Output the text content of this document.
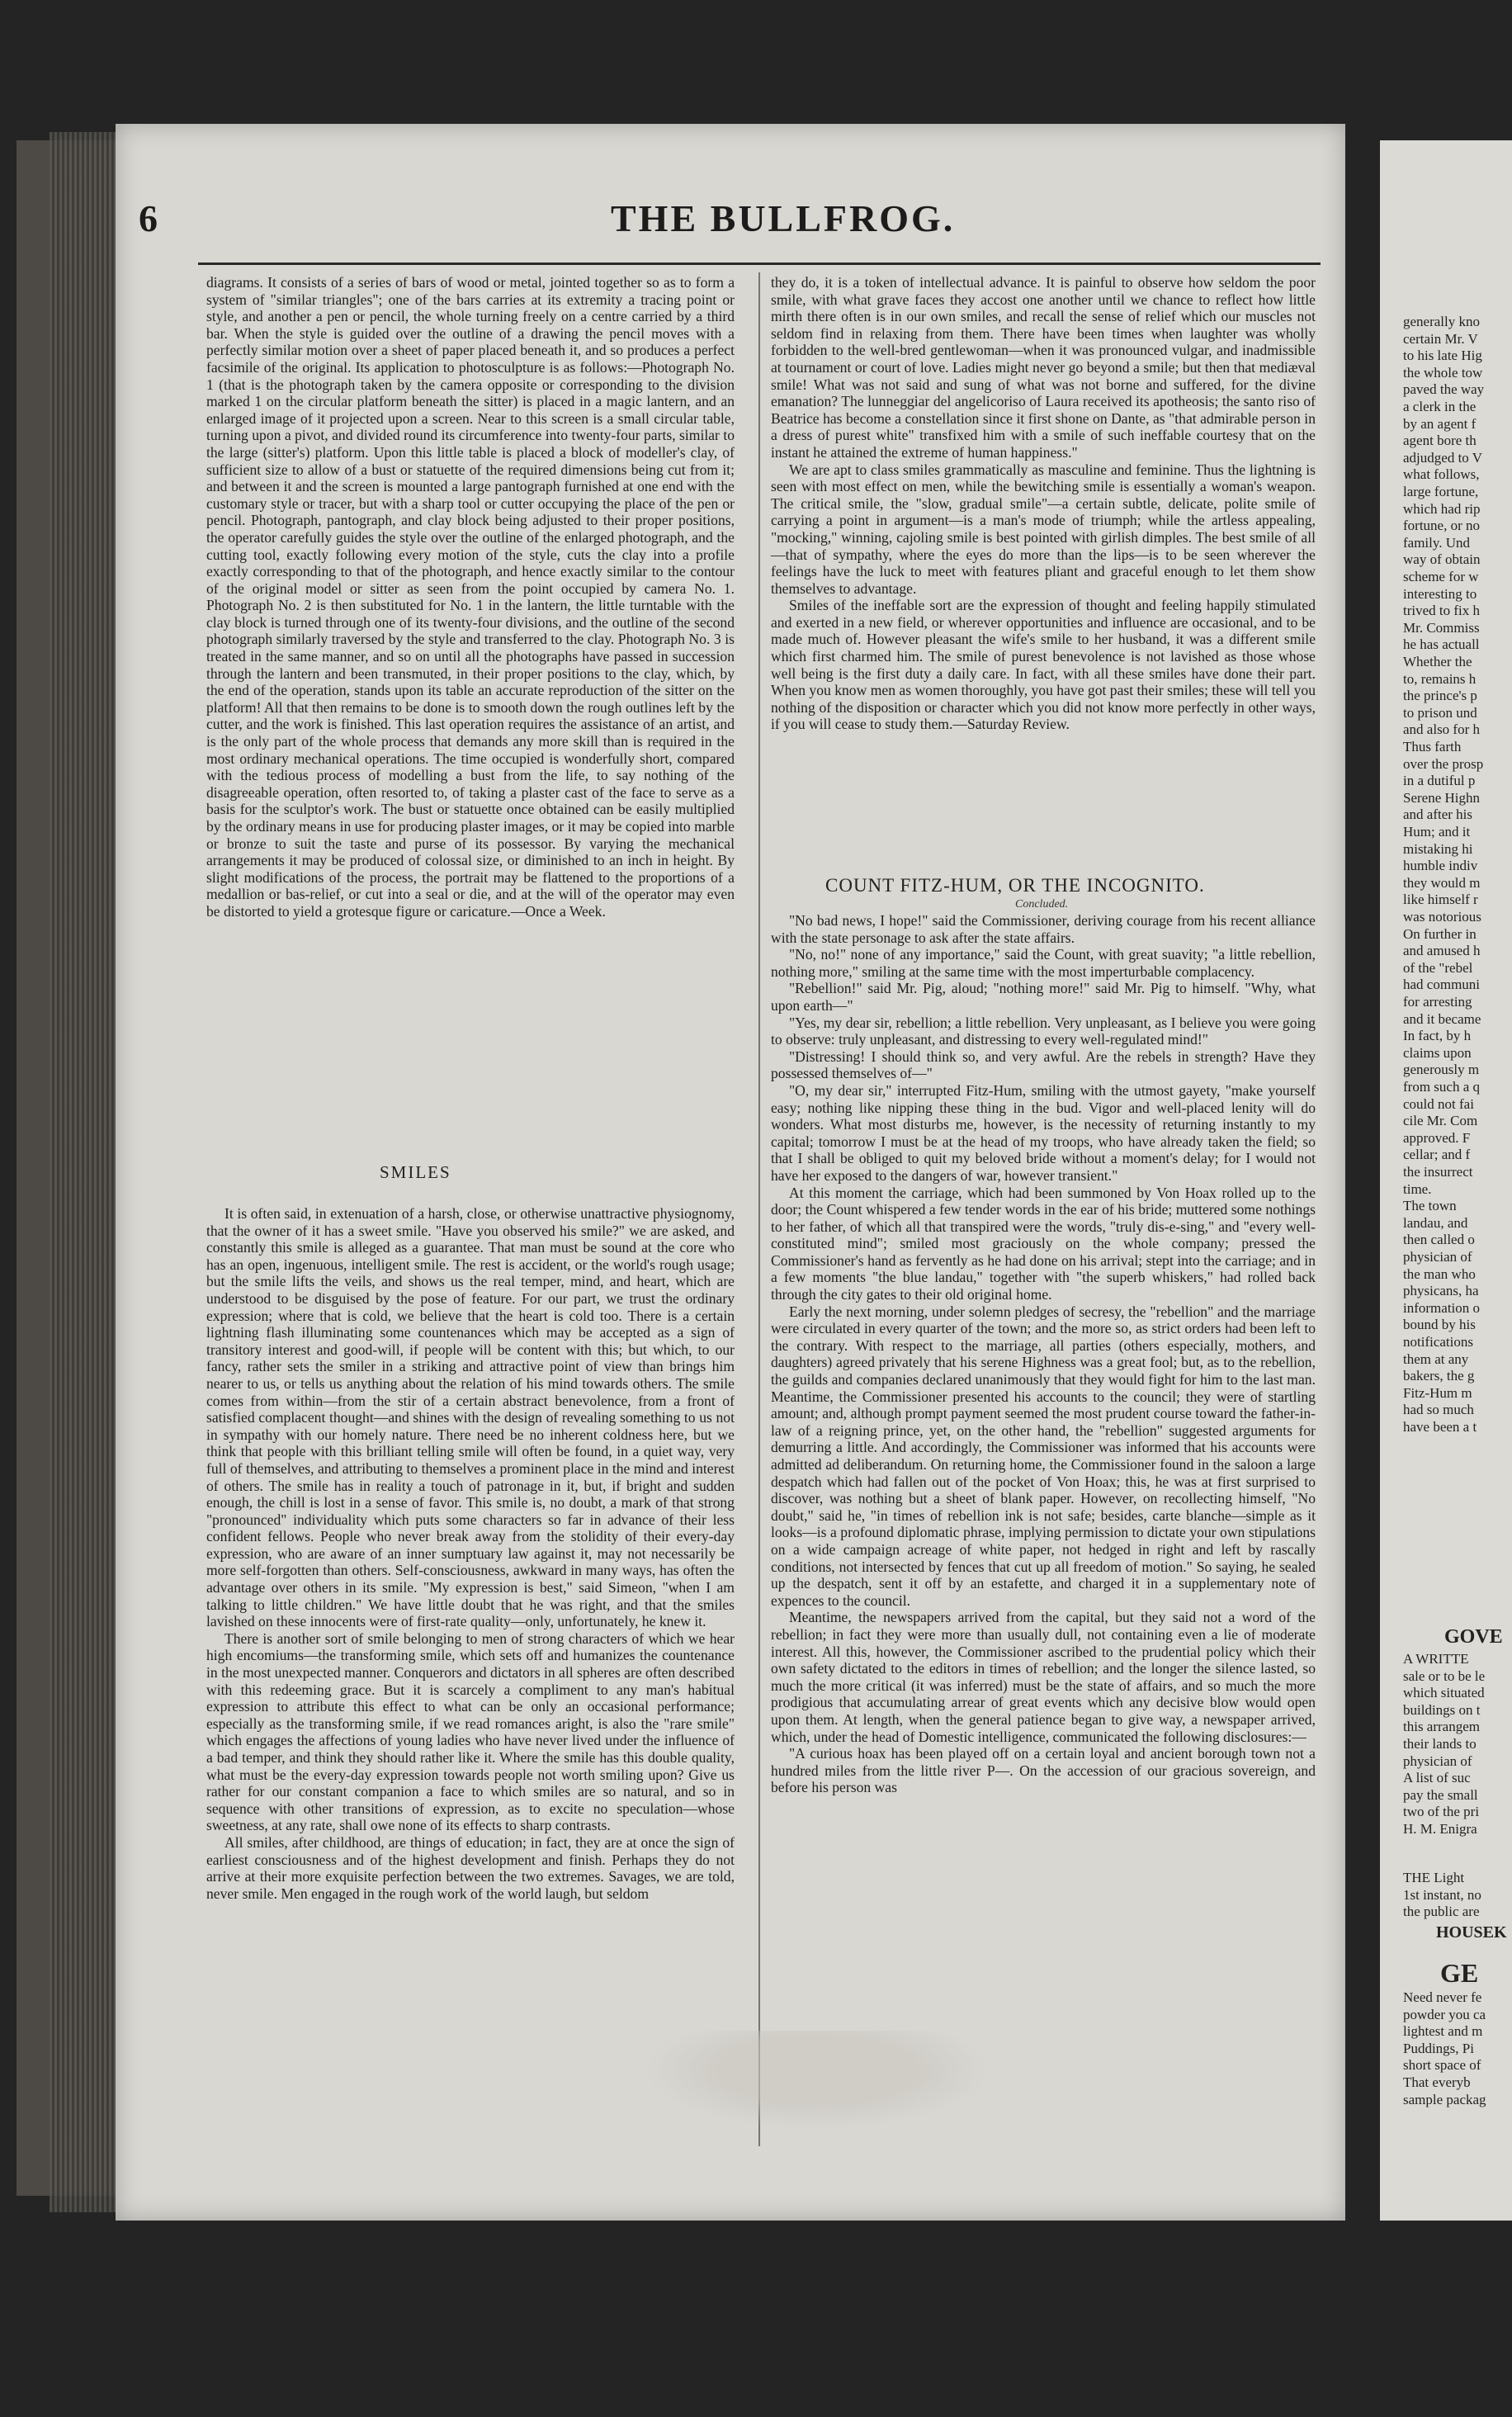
6	THE BULLFROG.

diagrams. It consists of a series of bars of wood or metal, jointed together so as to form a system of "similar triangles"; one of the bars carries at its extremity a tracing point or style, and another a pen or pencil, the whole turning freely on a centre carried by a third bar. When the style is guided over the outline of a drawing the pencil moves with a perfectly similar motion over a sheet of paper placed beneath it, and so produces a perfect facsimile of the original. Its application to photosculpture is as follows:—Photograph No. 1 (that is the photograph taken by the camera opposite or corresponding to the division marked 1 on the circular platform beneath the sitter) is placed in a magic lantern, and an enlarged image of it projected upon a screen. Near to this screen is a small circular table, turning upon a pivot, and divided round its circumference into twenty-four parts, similar to the large (sitter's) platform. Upon this little table is placed a block of modeller's clay, of sufficient size to allow of a bust or statuette of the required dimensions being cut from it; and between it and the screen is mounted a large pantograph furnished at one end with the customary style or tracer, but with a sharp tool or cutter occupying the place of the pen or pencil. Photograph, pantograph, and clay block being adjusted to their proper positions, the operator carefully guides the style over the outline of the enlarged photograph, and the cutting tool, exactly following every motion of the style, cuts the clay into a profile exactly corresponding to that of the photograph, and hence exactly similar to the contour of the original model or sitter as seen from the point occupied by camera No. 1. Photograph No. 2 is then substituted for No. 1 in the lantern, the little turntable with the clay block is turned through one of its twenty-four divisions, and the outline of the second photograph similarly traversed by the style and transferred to the clay. Photograph No. 3 is treated in the same manner, and so on until all the photographs have passed in succession through the lantern and been transmuted, in their proper positions to the clay, which, by the end of the operation, stands upon its table an accurate reproduction of the sitter on the platform! All that then remains to be done is to smooth down the rough outlines left by the cutter, and the work is finished. This last operation requires the assistance of an artist, and is the only part of the whole process that demands any more skill than is required in the most ordinary mechanical operations. The time occupied is wonderfully short, compared with the tedious process of modelling a bust from the life, to say nothing of the disagreeable operation, often resorted to, of taking a plaster cast of the face to serve as a basis for the sculptor's work. The bust or statuette once obtained can be easily multiplied by the ordinary means in use for producing plaster images, or it may be copied into marble or bronze to suit the taste and purse of its possessor. By varying the mechanical arrangements it may be produced of colossal size, or diminished to an inch in height. By slight modifications of the process, the portrait may be flattened to the proportions of a medallion or bas-relief, or cut into a seal or die, and at the will of the operator may even be distorted to yield a grotesque figure or caricature.—Once a Week.

SMILES

It is often said, in extenuation of a harsh, close, or otherwise unattractive physiognomy, that the owner of it has a sweet smile. "Have you observed his smile?" we are asked, and constantly this smile is alleged as a guarantee. That man must be sound at the core who has an open, ingenuous, intelligent smile. The rest is accident, or the world's rough usage; but the smile lifts the veils, and shows us the real temper, mind, and heart, which are understood to be disguised by the pose of feature. For our part, we trust the ordinary expression; where that is cold, we believe that the heart is cold too. There is a certain lightning flash illuminating some countenances which may be accepted as a sign of transitory interest and good-will, if people will be content with this; but which, to our fancy, rather sets the smiler in a striking and attractive point of view than brings him nearer to us, or tells us anything about the relation of his mind towards others. The smile comes from within—from the stir of a certain abstract benevolence, from a front of satisfied complacent thought—and shines with the design of revealing something to us not in sympathy with our homely nature. There need be no inherent coldness here, but we think that people with this brilliant telling smile will often be found, in a quiet way, very full of themselves, and attributing to themselves a prominent place in the mind and interest of others. The smile has in reality a touch of patronage in it, but, if bright and sudden enough, the chill is lost in a sense of favor. This smile is, no doubt, a mark of that strong "pronounced" individuality which puts some characters so far in advance of their less confident fellows. People who never break away from the stolidity of their every-day expression, who are aware of an inner sumptuary law against it, may not necessarily be more self-forgotten than others. Self-consciousness, awkward in many ways, has often the advantage over others in its smile. "My expression is best," said Simeon, "when I am talking to little children." We have little doubt that he was right, and that the smiles lavished on these innocents were of first-rate quality—only, unfortunately, he knew it.

There is another sort of smile belonging to men of strong characters of which we hear high encomiums—the transforming smile, which sets off and humanizes the countenance in the most unexpected manner. Conquerors and dictators in all spheres are often described with this redeeming grace. But it is scarcely a compliment to any man's habitual expression to attribute this effect to what can be only an occasional performance; especially as the transforming smile, if we read romances aright, is also the "rare smile" which engages the affections of young ladies who have never lived under the influence of a bad temper, and think they should rather like it. Where the smile has this double quality, what must be the every-day expression towards people not worth smiling upon? Give us rather for our constant companion a face to which smiles are so natural, and so in sequence with other transitions of expression, as to excite no speculation—whose sweetness, at any rate, shall owe none of its effects to sharp contrasts.

All smiles, after childhood, are things of education; in fact, they are at once the sign of earliest consciousness and of the highest development and finish. Perhaps they do not arrive at their more exquisite perfection between the two extremes. Savages, we are told, never smile. Men engaged in the rough work of the world laugh, but seldom

they do, it is a token of intellectual advance. It is painful to observe how seldom the poor smile, with what grave faces they accost one another until we chance to reflect how little mirth there often is in our own smiles, and recall the sense of relief which our muscles not seldom find in relaxing from them. There have been times when laughter was wholly forbidden to the well-bred gentlewoman—when it was pronounced vulgar, and inadmissible at tournament or court of love. Ladies might never go beyond a smile; but then that mediæval smile! What was not said and sung of what was not borne and suffered, for the divine emanation? The lunneggiar del angelicoriso of Laura received its apotheosis; the santo riso of Beatrice has become a constellation since it first shone on Dante, as "that admirable person in a dress of purest white" transfixed him with a smile of such ineffable courtesy that on the instant he attained the extreme of human happiness."

We are apt to class smiles grammatically as masculine and feminine. Thus the lightning is seen with most effect on men, while the bewitching smile is essentially a woman's weapon. The critical smile, the "slow, gradual smile"—a certain subtle, delicate, polite smile of carrying a point in argument—is a man's mode of triumph; while the artless appealing, "mocking," winning, cajoling smile is best pointed with girlish dimples. The best smile of all—that of sympathy, where the eyes do more than the lips—is to be seen wherever the feelings have the luck to meet with features pliant and graceful enough to let them show themselves to advantage.

Smiles of the ineffable sort are the expression of thought and feeling happily stimulated and exerted in a new field, or wherever opportunities and influence are occasional, and to be made much of. However pleasant the wife's smile to her husband, it was a different smile which first charmed him. The smile of purest benevolence is not lavished as those whose well being is the first duty a daily care. In fact, with all these smiles have done their part. When you know men as women thoroughly, you have got past their smiles; these will tell you nothing of the disposition or character which you did not know more perfectly in other ways, if you will cease to study them.—Saturday Review.

COUNT FITZ-HUM, OR THE INCOGNITO.
Concluded.

"No bad news, I hope!" said the Commissioner, deriving courage from his recent alliance with the state personage to ask after the state affairs.

"No, no!" none of any importance," said the Count, with great suavity; "a little rebellion, nothing more," smiling at the same time with the most imperturbable complacency.

"Rebellion!" said Mr. Pig, aloud; "nothing more!" said Mr. Pig to himself. "Why, what upon earth—"

"Yes, my dear sir, rebellion; a little rebellion. Very unpleasant, as I believe you were going to observe: truly unpleasant, and distressing to every well-regulated mind!"

"Distressing! I should think so, and very awful. Are the rebels in strength? Have they possessed themselves of—"

"O, my dear sir," interrupted Fitz-Hum, smiling with the utmost gayety, "make yourself easy; nothing like nipping these thing in the bud. Vigor and well-placed lenity will do wonders. What most disturbs me, however, is the necessity of returning instantly to my capital; tomorrow I must be at the head of my troops, who have already taken the field; so that I shall be obliged to quit my beloved bride without a moment's delay; for I would not have her exposed to the dangers of war, however transient."

At this moment the carriage, which had been summoned by Von Hoax rolled up to the door; the Count whispered a few tender words in the ear of his bride; muttered some nothings to her father, of which all that transpired were the words, "truly dis-e-sing," and "every well-constituted mind"; smiled most graciously on the whole company; pressed the Commissioner's hand as fervently as he had done on his arrival; stept into the carriage; and in a few moments "the blue landau," together with "the superb whiskers," had rolled back through the city gates to their old original home.

Early the next morning, under solemn pledges of secresy, the "rebellion" and the marriage were circulated in every quarter of the town; and the more so, as strict orders had been left to the contrary. With respect to the marriage, all parties (others especially, mothers, and daughters) agreed privately that his serene Highness was a great fool; but, as to the rebellion, the guilds and companies declared unanimously that they would fight for him to the last man. Meantime, the Commissioner presented his accounts to the council; they were of startling amount; and, although prompt payment seemed the most prudent course toward the father-in-law of a reigning prince, yet, on the other hand, the "rebellion" suggested arguments for demurring a little. And accordingly, the Commissioner was informed that his accounts were admitted ad deliberandum. On returning home, the Commissioner found in the saloon a large despatch which had fallen out of the pocket of Von Hoax; this, he was at first surprised to discover, was nothing but a sheet of blank paper. However, on recollecting himself, "No doubt," said he, "in times of rebellion ink is not safe; besides, carte blanche—simple as it looks—is a profound diplomatic phrase, implying permission to dictate your own stipulations on a wide campaign acreage of white paper, not hedged in right and left by rascally conditions, not intersected by fences that cut up all freedom of motion." So saying, he sealed up the despatch, sent it off by an estafette, and charged it in a supplementary note of expences to the council.

Meantime, the newspapers arrived from the capital, but they said not a word of the rebellion; in fact they were more than usually dull, not containing even a lie of moderate interest. All this, however, the Commissioner ascribed to the prudential policy which their own safety dictated to the editors in times of rebellion; and the longer the silence lasted, so much the more critical (it was inferred) must be the state of affairs, and so much the more prodigious that accumulating arrear of great events which any decisive blow would open upon them. At length, when the general patience began to give way, a newspaper arrived, which, under the head of Domestic intelligence, communicated the following disclosures:—

"A curious hoax has been played off on a certain loyal and ancient borough town not a hundred miles from the little river P—. On the accession of our gracious sovereign, and before his person was

generally kno
certain Mr. V
to his late Hig
the whole tow
paved the way
a clerk in the
by an agent f
agent bore th
adjudged to V
what follows,
large fortune,
which had rip
fortune, or no
family. Und
way of obtain
scheme for w
interesting to
trived to fix h
Mr. Commiss
he has actuall
Whether the
to, remains h
the prince's p
to prison und
and also for h
Thus farth
over the prosp
in a dutiful p
Serene Highn
and after his
Hum; and it
mistaking hi
humble indiv
they would m
like himself r
was notorious
On further in
and amused h
of the "rebel
had communi
for arresting
and it became
In fact, by h
claims upon
generously m
from such a q
could not fai
cile Mr. Com
approved. F
cellar; and f
the insurrect
time.
The town
landau, and
then called o
physician of
the man who
physicans, ha
information o
bound by his
notifications
them at any
bakers, the g
Fitz-Hum m
had so much
have been a t
GOVE
A WRITTE
sale or to be le
which situated
buildings on t
this arrangem
their lands to
physician of
A list of suc
pay the small
two of the pri
H. M. Enigra
THE Light
1st instant, no
the public are
HOUSEK
GE
Need never fe
powder you ca
lightest and m
Puddings, Pi
short space of
That everyb
sample packag
